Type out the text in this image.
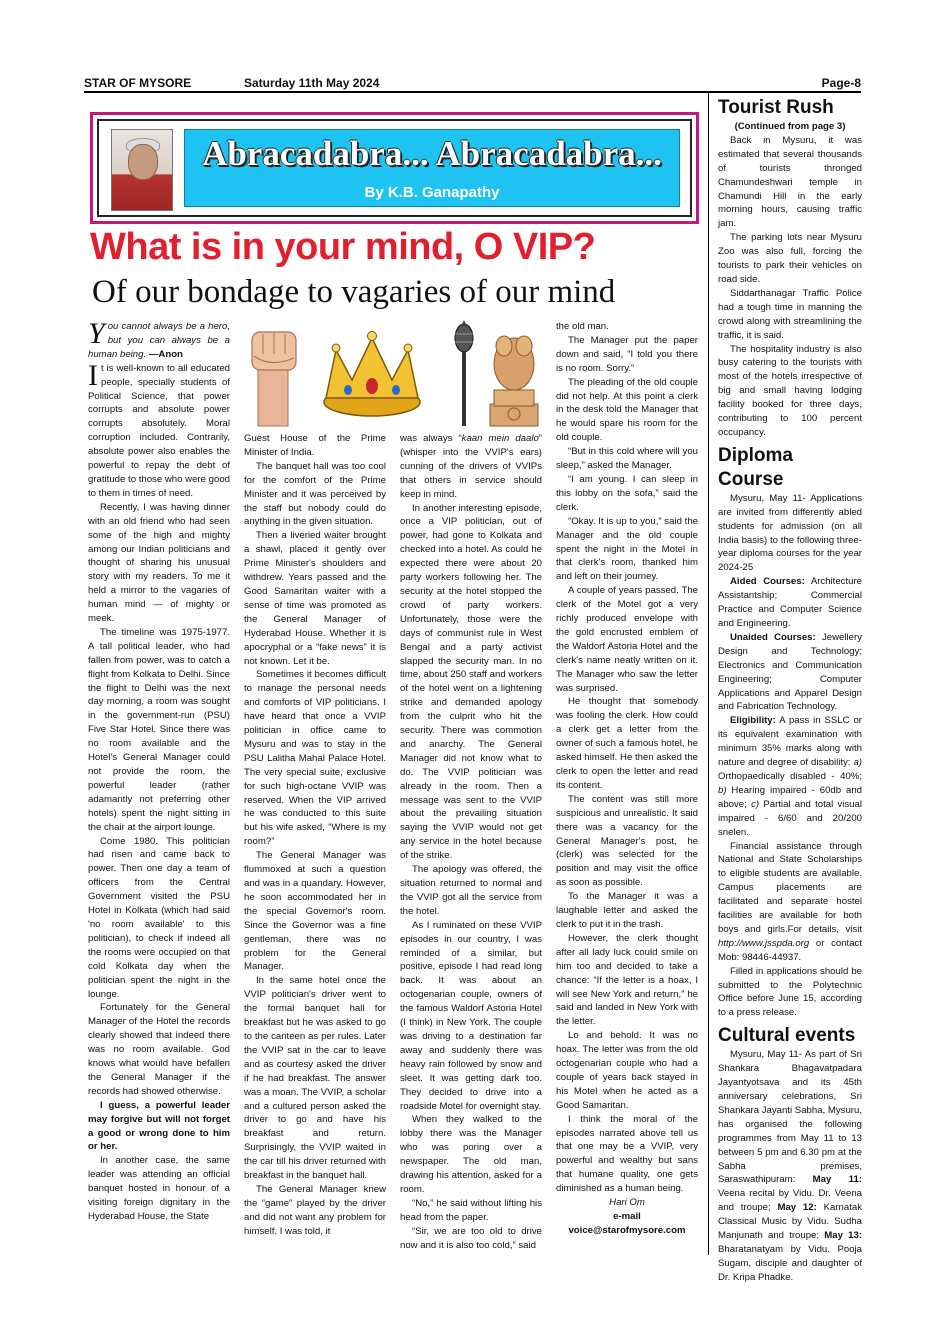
STAR OF MYSORE	Saturday 11th May 2024	Page-8
Abracadabra... Abracadabra...
By K.B. Ganapathy
What is in your mind, O VIP?
Of our bondage to vagaries of our mind

You cannot always be a hero, but you can always be a human being. —Anon

It is well-known to all educated people, specially students of Political Science, that power corrupts and absolute power corrupts absolutely. Moral corruption included. Contrarily, absolute power also enables the powerful to repay the debt of gratitude to those who were good to them in times of need.

Recently, I was having dinner with an old friend who had seen some of the high and mighty among our Indian politicians and thought of sharing his unusual story with my readers. To me it held a mirror to the vagaries of human mind — of mighty or meek.

The timeline was 1975-1977. A tall political leader, who had fallen from power, was to catch a flight from Kolkata to Delhi. Since the flight to Delhi was the next day morning, a room was sought in the government-run (PSU) Five Star Hotel. Since there was no room available and the Hotel's General Manager could not provide the room, the powerful leader (rather adamantly not preferring other hotels) spent the night sitting in the chair at the airport lounge.

Come 1980. This politician had risen and came back to power. Then one day a team of officers from the Central Government visited the PSU Hotel in Kolkata (which had said 'no room available' to this politician), to check if indeed all the rooms were occupied on that cold Kolkata day when the politician spent the night in the lounge.

Fortunately for the General Manager of the Hotel the records clearly showed that indeed there was no room available. God knows what would have befallen the General Manager if the records had showed otherwise.

I guess, a powerful leader may forgive but will not forget a good or wrong done to him or her.

In another case, the same leader was attending an official banquet hosted in honour of a visiting foreign dignitary in the Hyderabad House, the State

Guest House of the Prime Minister of India.

The banquet hall was too cool for the comfort of the Prime Minister and it was perceived by the staff but nobody could do anything in the given situation.

Then a liveried waiter brought a shawl, placed it gently over Prime Minister's shoulders and withdrew. Years passed and the Good Samaritan waiter with a sense of time was promoted as the General Manager of Hyderabad House. Whether it is apocryphal or a “fake news” it is not known. Let it be.

Sometimes it becomes difficult to manage the personal needs and comforts of VIP politicians. I have heard that once a VVIP politician in office came to Mysuru and was to stay in the PSU Lalitha Mahal Palace Hotel. The very special suite, exclusive for such high-octane VVIP was reserved. When the VIP arrived he was conducted to this suite but his wife asked, “Where is my room?”

The General Manager was flummoxed at such a question and was in a quandary. However, he soon accommodated her in the special Governor's room. Since the Governor was a fine gentleman, there was no problem for the General Manager.

In the same hotel once the VVIP politician's driver went to the formal banquet hall for breakfast but he was asked to go to the canteen as per rules. Later the VVIP sat in the car to leave and as courtesy asked the driver if he had breakfast. The answer was a moan. The VVIP, a scholar and a cultured person asked the driver to go and have his breakfast and return. Surprisingly, the VVIP waited in the car till his driver returned with breakfast in the banquet hall.

The General Manager knew the “game” played by the driver and did not want any problem for himself. I was told, it

was always “kaan mein daalo” (whisper into the VVIP's ears) cunning of the drivers of VVIPs that others in service should keep in mind.

In another interesting episode, once a VIP politician, out of power, had gone to Kolkata and checked into a hotel. As could he expected there were about 20 party workers following her. The security at the hotel stopped the crowd of party workers. Unfortunately, those were the days of communist rule in West Bengal and a party activist slapped the security man. In no time, about 250 staff and workers of the hotel went on a lightening strike and demanded apology from the culprit who hit the security. There was commotion and anarchy. The General Manager did not know what to do. The VVIP politician was already in the room. Then a message was sent to the VVIP about the prevailing situation saying the VVIP would not get any service in the hotel because of the strike.

The apology was offered, the situation returned to normal and the VVIP got all the service from the hotel.

As I ruminated on these VVIP episodes in our country, I was reminded of a similar, but positive, episode I had read long back. It was about an octogenarian couple, owners of the famous Waldorf Astoria Hotel (I think) in New York. The couple was driving to a destination far away and suddenly there was heavy rain followed by snow and sleet. It was getting dark too. They decided to drive into a roadside Motel for overnight stay.

When they walked to the lobby there was the Manager who was poring over a newspaper. The old man, drawing his attention, asked for a room.

“No,” he said without lifting his head from the paper.

“Sir, we are too old to drive now and it is also too cold,” said

the old man.

The Manager put the paper down and said, “I told you there is no room. Sorry.”

The pleading of the old couple did not help. At this point a clerk in the desk told the Manager that he would spare his room for the old couple.

“But in this cold where will you sleep,” asked the Manager.

“I am young. I can sleep in this lobby on the sofa,” said the clerk.

“Okay. It is up to you,” said the Manager and the old couple spent the night in the Motel in that clerk's room, thanked him and left on their journey.

A couple of years passed. The clerk of the Motel got a very richly produced envelope with the gold encrusted emblem of the Waldorf Astoria Hotel and the clerk's name neatly written on it. The Manager who saw the letter was surprised.

He thought that somebody was fooling the clerk. How could a clerk get a letter from the owner of such a famous hotel, he asked himself. He then asked the clerk to open the letter and read its content.

The content was still more suspicious and unrealistic. It said there was a vacancy for the General Manager's post, he (clerk) was selected for the position and may visit the office as soon as possible.

To the Manager it was a laughable letter and asked the clerk to put it in the trash.

However, the clerk thought after all lady luck could smile on him too and decided to take a chance: “If the letter is a hoax, I will see New York and return,” he said and landed in New York with the letter.

Lo and behold. It was no hoax. The letter was from the old octogenarian couple who had a couple of years back stayed in his Motel when he acted as a Good Samaritan.

I think the moral of the episodes narrated above tell us that one may be a VVIP, very powerful and wealthy but sans that humane quality, one gets diminished as a human being.

Hari Om

e-mail

voice@starofmysore.com

Tourist Rush

(Continued from page 3)

Back in Mysuru, it was estimated that several thousands of tourists thronged Chamundeshwari temple in Chamundi Hill in the early morning hours, causing traffic jam.

The parking lots near Mysuru Zoo was also full, forcing the tourists to park their vehicles on road side.

Siddarthanagar Traffic Police had a tough time in manning the crowd along with streamlining the traffic, it is said.

The hospitality industry is also busy catering to the tourists with most of the hotels irrespective of big and small having lodging facility booked for three days, contributing to 100 percent occupancy.

Diploma Course

Mysuru, May 11- Applications are invited from differently abled students for admission (on all India basis) to the following three-year diploma courses for the year 2024-25

Aided Courses: Architecture Assistantship; Commercial Practice and Computer Science and Engineering.

Unaided Courses: Jewellery Design and Technology; Electronics and Communication Engineering; Computer Applications and Apparel Design and Fabrication Technology.

Eligibility: A pass in SSLC or its equivalent examination with minimum 35% marks along with nature and degree of disability: a) Orthopaedically disabled - 40%; b) Hearing impaired - 60db and above; c) Partial and total visual impaired - 6/60 and 20/200 snelen.

Financial assistance through National and State Scholarships to eligible students are available. Campus placements are facilitated and separate hostel facilities are available for both boys and girls.For details, visit http://www.jsspda.org or contact Mob: 98446-44937.

Filled in applications should be submitted to the Polytechnic Office before June 15, according to a press release.

Cultural events

Mysuru, May 11- As part of Sri Shankara Bhagavatpadara Jayantyotsava and its 45th anniversary celebrations, Sri Shankara Jayanti Sabha, Mysuru, has organised the following programmes from May 11 to 13 between 5 pm and 6.30 pm at the Sabha premises, Saraswathipuram: May 11: Veena recital by Vidu. Dr. Veena and troupe; May 12: Karnatak Classical Music by Vidu. Sudha Manjunath and troupe; May 13: Bharatanatyam by Vidu. Pooja Sugam, disciple and daughter of Dr. Kripa Phadke.
